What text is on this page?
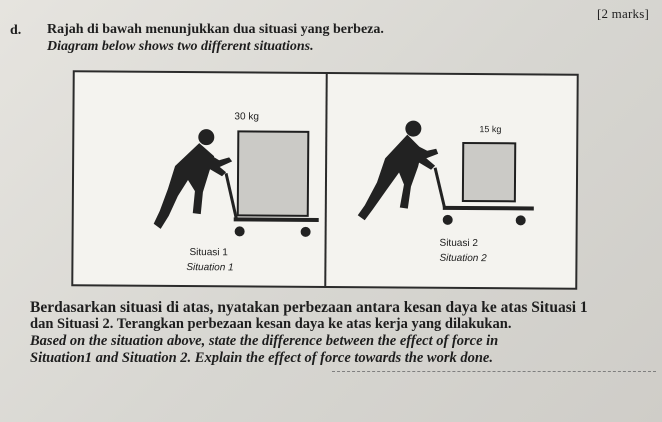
[2 marks]
d. Rajah di bawah menunjukkan dua situasi yang berbeza.
Diagram below shows two different situations.
30 kg
Situasi 1
Situation 1
15 kg
Situasi 2
Situation 2
Berdasarkan situasi di atas, nyatakan perbezaan antara kesan daya ke atas Situasi 1
dan Situasi 2. Terangkan perbezaan kesan daya ke atas kerja yang dilakukan.
Based on the situation above, state the difference between the effect of force in
Situation1 and Situation 2. Explain the effect of force towards the work done.
